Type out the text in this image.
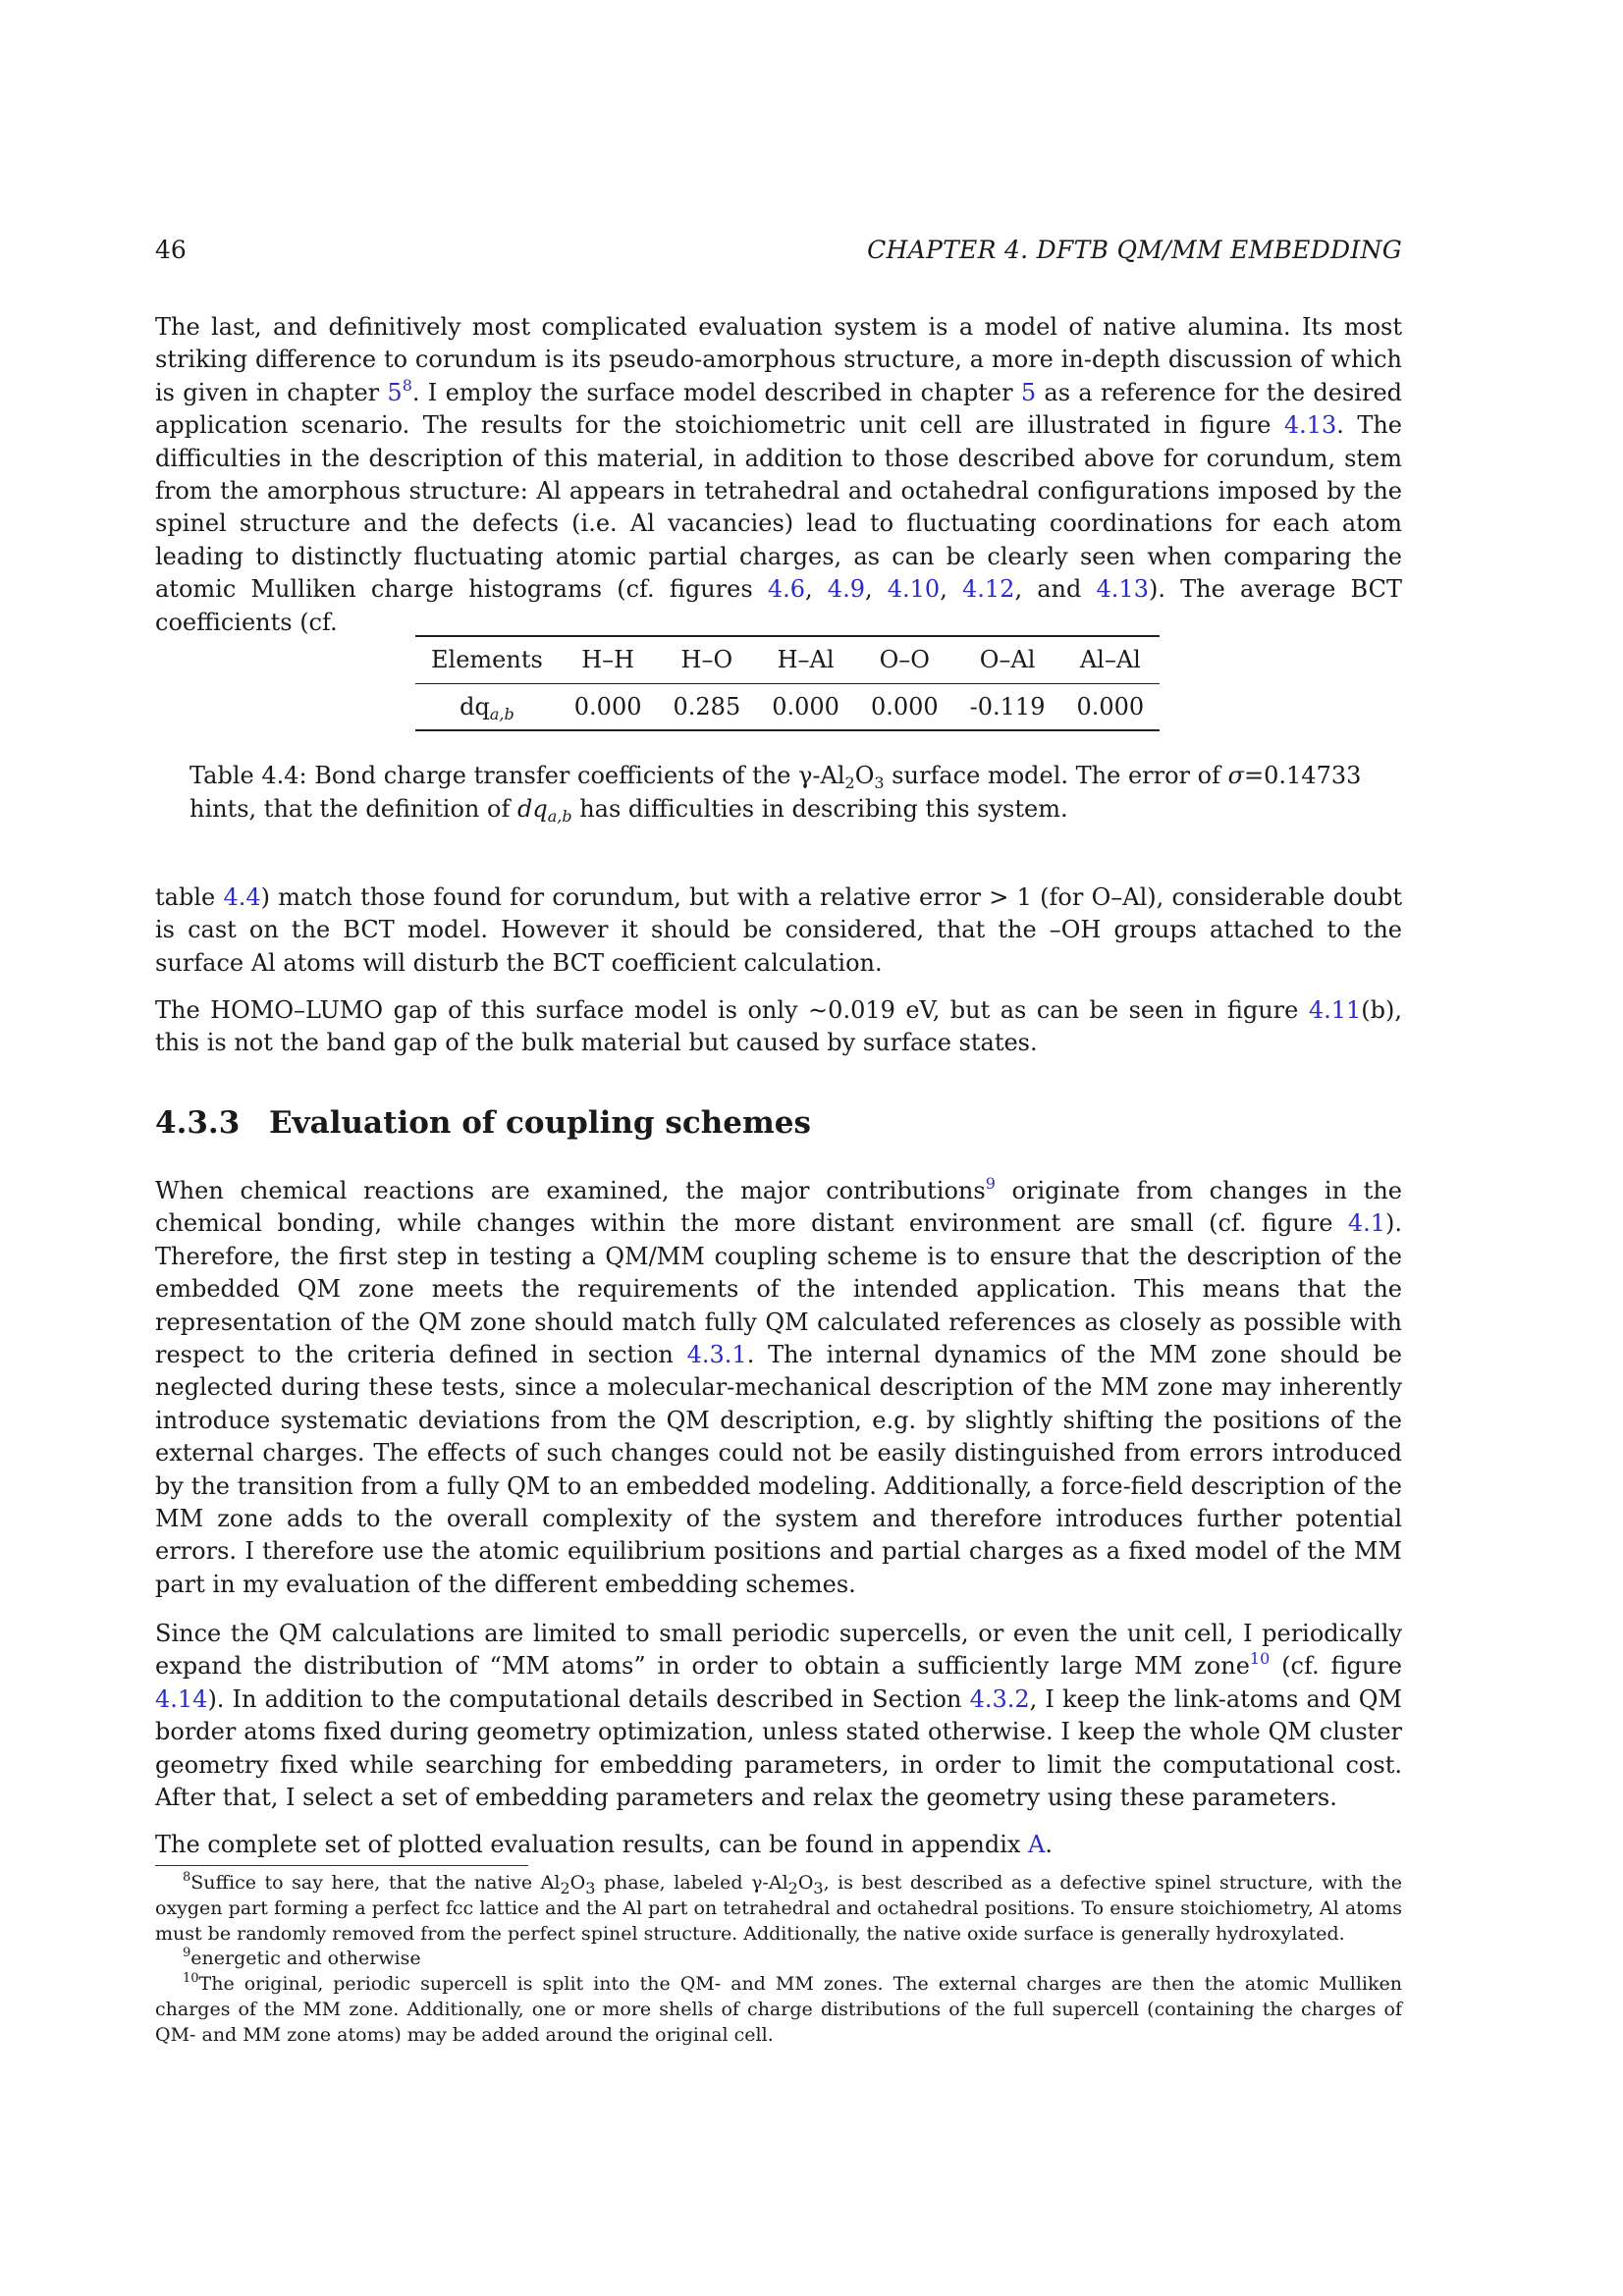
46	CHAPTER 4. DFTB QM/MM EMBEDDING

The last, and definitively most complicated evaluation system is a model of native alumina. Its most striking difference to corundum is its pseudo-amorphous structure, a more in-depth discussion of which is given in chapter $5^8$. I employ the surface model described in chapter 5 as a reference for the desired application scenario. The results for the stoichiometric unit cell are illustrated in figure 4.13. The difficulties in the description of this material, in addition to those described above for corundum, stem from the amorphous structure: Al appears in tetrahedral and octahedral configurations imposed by the spinel structure and the defects (i.e. Al vacancies) lead to fluctuating coordinations for each atom leading to distinctly fluctuating atomic partial charges, as can be clearly seen when comparing the atomic Mulliken charge histograms (cf. figures 4.6, 4.9, 4.10, 4.12, and 4.13). The average BCT coefficients (cf.

Elements	H–H	H–O	H–Al	O–O	O–Al	Al–Al
$dq_{a,b}$	0.000	0.285	0.000	0.000	-0.119	0.000

Table 4.4: Bond charge transfer coefficients of the $\gamma-Al_2O_3$ surface model. The error of σ=0.14733 hints, that the definition of $dq_{a,b}$ has difficulties in describing this system.

table 4.4) match those found for corundum, but with a relative error > 1 (for O–Al), considerable doubt is cast on the BCT model. However it should be considered, that the –OH groups attached to the surface Al atoms will disturb the BCT coefficient calculation.

The HOMO–LUMO gap of this surface model is only ∼0.019 eV, but as can be seen in figure 4.11(b), this is not the band gap of the bulk material but caused by surface states.

4.3.3 Evaluation of coupling schemes

When chemical reactions are examined, the major contributions$^9$ originate from changes in the chemical bonding, while changes within the more distant environment are small (cf. figure 4.1). Therefore, the first step in testing a QM/MM coupling scheme is to ensure that the description of the embedded QM zone meets the requirements of the intended application. This means that the representation of the QM zone should match fully QM calculated references as closely as possible with respect to the criteria defined in section 4.3.1. The internal dynamics of the MM zone should be neglected during these tests, since a molecular-mechanical description of the MM zone may inherently introduce systematic deviations from the QM description, e.g. by slightly shifting the positions of the external charges. The effects of such changes could not be easily distinguished from errors introduced by the transition from a fully QM to an embedded modeling. Additionally, a force-field description of the MM zone adds to the overall complexity of the system and therefore introduces further potential errors. I therefore use the atomic equilibrium positions and partial charges as a fixed model of the MM part in my evaluation of the different embedding schemes.

Since the QM calculations are limited to small periodic supercells, or even the unit cell, I periodically expand the distribution of “MM atoms” in order to obtain a sufficiently large MM zone$^{10}$ (cf. figure 4.14). In addition to the computational details described in Section 4.3.2, I keep the link-atoms and QM border atoms fixed during geometry optimization, unless stated otherwise. I keep the whole QM cluster geometry fixed while searching for embedding parameters, in order to limit the computational cost. After that, I select a set of embedding parameters and relax the geometry using these parameters.

The complete set of plotted evaluation results, can be found in appendix A.

$^8$Suffice to say here, that the native $Al_2O_3$ phase, labeled $\gamma-Al_2O_3$, is best described as a defective spinel structure, with the oxygen part forming a perfect fcc lattice and the Al part on tetrahedral and octahedral positions. To ensure stoichiometry, Al atoms must be randomly removed from the perfect spinel structure. Additionally, the native oxide surface is generally hydroxylated.

$^9$energetic and otherwise

$^{10}$The original, periodic supercell is split into the QM- and MM zones. The external charges are then the atomic Mulliken charges of the MM zone. Additionally, one or more shells of charge distributions of the full supercell (containing the charges of QM- and MM zone atoms) may be added around the original cell.
